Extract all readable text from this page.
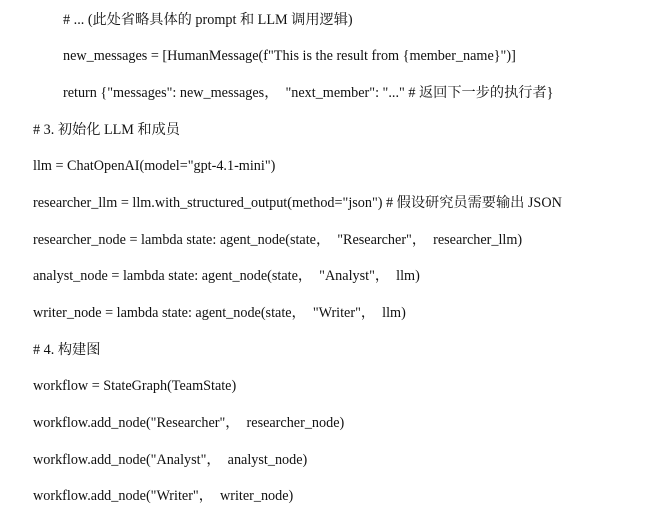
# ... (此处省略具体的 prompt 和 LLM 调用逻辑)
new_messages = [HumanMessage(f"This is the result from {member_name}")]
return {"messages": new_messages，  "next_member": "..." # 返回下一步的执行者}
# 3. 初始化 LLM 和成员
llm = ChatOpenAI(model="gpt-4.1-mini")
researcher_llm = llm.with_structured_output(method="json") # 假设研究员需要输出 JSON
researcher_node = lambda state: agent_node(state，  "Researcher"，  researcher_llm)
analyst_node = lambda state: agent_node(state，  "Analyst"，  llm)
writer_node = lambda state: agent_node(state，  "Writer"，  llm)
# 4. 构建图
workflow = StateGraph(TeamState)
workflow.add_node("Researcher"，  researcher_node)
workflow.add_node("Analyst"，  analyst_node)
workflow.add_node("Writer"，  writer_node)
